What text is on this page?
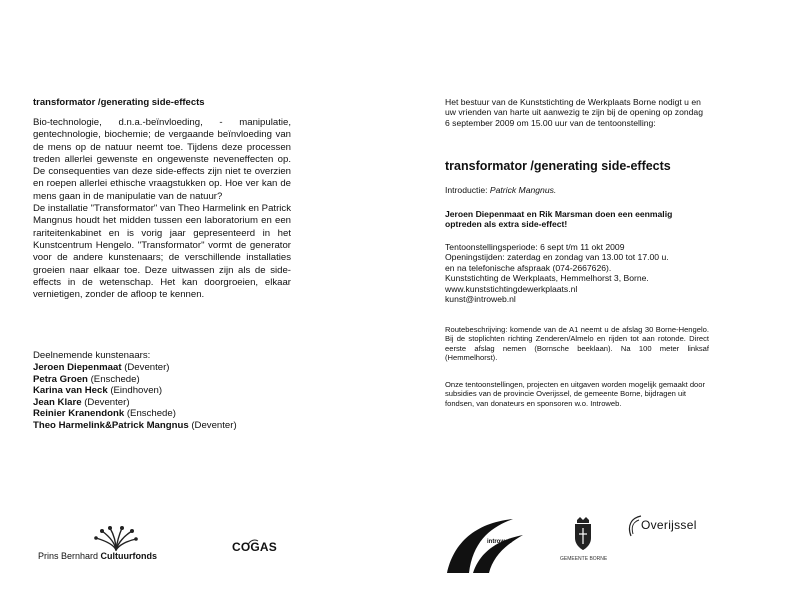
transformator /generating side-effects

Bio-technologie, d.n.a.-beïnvloeding, - manipulatie, gentechnologie, biochemie; de vergaande beïnvloeding van de mens op de natuur neemt toe. Tijdens deze processen treden allerlei gewenste en ongewenste neveneffecten op. De consequenties van deze side-effects zijn niet te overzien en roepen allerlei ethische vraagstukken op. Hoe ver kan de mens gaan in de manipulatie van de natuur?

De installatie "Transformator" van Theo Harmelink en Patrick Mangnus houdt het midden tussen een laboratorium en een rariteitenkabinet en is vorig jaar gepresenteerd in het Kunstcentrum Hengelo. "Transformator" vormt de generator voor de andere kunstenaars; de verschillende installaties groeien naar elkaar toe. Deze uitwassen zijn als de side-effects in de wetenschap. Het kan doorgroeien, elkaar vernietigen, zonder de afloop te kennen.

Deelnemende kunstenaars:
Jeroen Diepenmaat (Deventer)
Petra Groen (Enschede)
Karina van Heck (Eindhoven)
Jean Klare (Deventer)
Reinier Kranendonk (Enschede)
Theo Harmelink&Patrick Mangnus (Deventer)
Prins Bernhard Cultuurfonds
COGAS
Het bestuur van de Kunststichting de Werkplaats Borne nodigt u en uw vrienden van harte uit aanwezig te zijn bij de opening op zondag 6 september 2009 om 15.00 uur van de tentoonstelling:
transformator /generating side-effects
Introductie: Patrick Mangnus.
Jeroen Diepenmaat en Rik Marsman doen een eenmalig optreden als extra side-effect!
Tentoonstellingsperiode: 6 sept t/m 11 okt 2009
Openingstijden: zaterdag en zondag van 13.00 tot 17.00 u.
en na telefonische afspraak (074-2667626).
Kunststichting de Werkplaats, Hemmelhorst 3, Borne.
www.kunststichtingdewerkplaats.nl
kunst@introweb.nl
Routebeschrijving: komende van de A1 neemt u de afslag 30 Borne-Hengelo. Bij de stoplichten richting Zenderen/Almelo en rijden tot aan rotonde. Direct eerste afslag nemen (Bornsche beeklaan). Na 100 meter linksaf (Hemmelhorst).
Onze tentoonstellingen, projecten en uitgaven worden mogelijk gemaakt door subsidies van de provincie Overijssel, de gemeente Borne, bijdragen uit fondsen, van donateurs en sponsoren w.o. Introweb.
introweb
GEMEENTE BORNE
Overijssel
